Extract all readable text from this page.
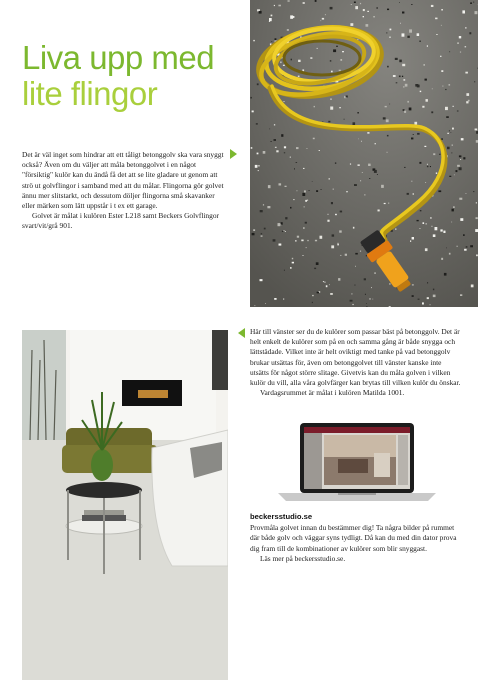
Liva upp med
lite flingor
Det är väl inget som hindrar att ett tåligt betonggolv ska vara snyggt också? Även om du väljer att måla betonggolvet i en något "försiktig" kulör kan du ändå få det att se lite gladare ut genom att strö ut golvflingor i samband med att du målar. Flingorna gör golvet ännu mer slitstarkt, och dessutom döljer flingorna små skavanker eller märken som lätt uppstår i t ex ett garage.
Golvet är målat i kulören Ester L218 samt Beckers Golvflingor svart/vit/grå 901.
Här till vänster ser du de kulörer som passar bäst på betonggolv. Det är helt enkelt de kulörer som på en och samma gång är både snygga och lättstädade. Vilket inte är helt oviktigt med tanke på vad betonggolv brukar utsättas för, även om betonggolvet till vänster kanske inte utsätts för något större slitage. Givetvis kan du måla golven i vilken kulör du vill, alla våra golvfärger kan brytas till vilken kulör du önskar.
Vardagsrummet är målat i kulören Matilda 1001.

beckersstudio.se

Provmåla golvet innan du bestämmer dig! Ta några bilder på rummet där både golv och väggar syns tydligt. Då kan du med din dator prova dig fram till de kombinationer av kulörer som blir snyggast.
Läs mer på beckersstudio.se.
